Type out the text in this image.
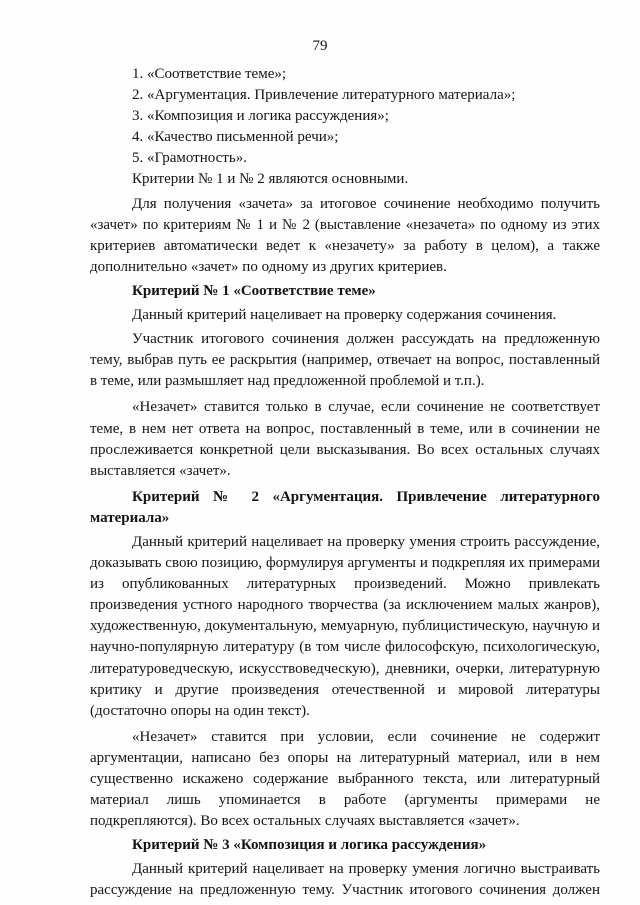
79

1. «Соответствие теме»;

2. «Аргументация. Привлечение литературного материала»;

3. «Композиция и логика рассуждения»;

4. «Качество письменной речи»;

5. «Грамотность».

Критерии № 1 и № 2 являются основными.

Для получения «зачета» за итоговое сочинение необходимо получить «зачет» по критериям № 1 и № 2 (выставление «незачета» по одному из этих критериев автоматически ведет к «незачету» за работу в целом), а также дополнительно «зачет» по одному из других критериев.

Критерий № 1 «Соответствие теме»

Данный критерий нацеливает на проверку содержания сочинения.

Участник итогового сочинения должен рассуждать на предложенную тему, выбрав путь ее раскрытия (например, отвечает на вопрос, поставленный в теме, или размышляет над предложенной проблемой и т.п.).

«Незачет» ставится только в случае, если сочинение не соответствует теме, в нем нет ответа на вопрос, поставленный в теме, или в сочинении не прослеживается конкретной цели высказывания. Во всех остальных случаях выставляется «зачет».

Критерий № 2 «Аргументация. Привлечение литературного материала»

Данный критерий нацеливает на проверку умения строить рассуждение, доказывать свою позицию, формулируя аргументы и подкрепляя их примерами из опубликованных литературных произведений. Можно привлекать произведения устного народного творчества (за исключением малых жанров), художественную, документальную, мемуарную, публицистическую, научную и научно-популярную литературу (в том числе философскую, психологическую, литературоведческую, искусствоведческую), дневники, очерки, литературную критику и другие произведения отечественной и мировой литературы (достаточно опоры на один текст).

«Незачет» ставится при условии, если сочинение не содержит аргументации, написано без опоры на литературный материал, или в нем существенно искажено содержание выбранного текста, или литературный материал лишь упоминается в работе (аргументы примерами не подкрепляются). Во всех остальных случаях выставляется «зачет».

Критерий № 3 «Композиция и логика рассуждения»

Данный критерий нацеливает на проверку умения логично выстраивать рассуждение на предложенную тему. Участник итогового сочинения должен
